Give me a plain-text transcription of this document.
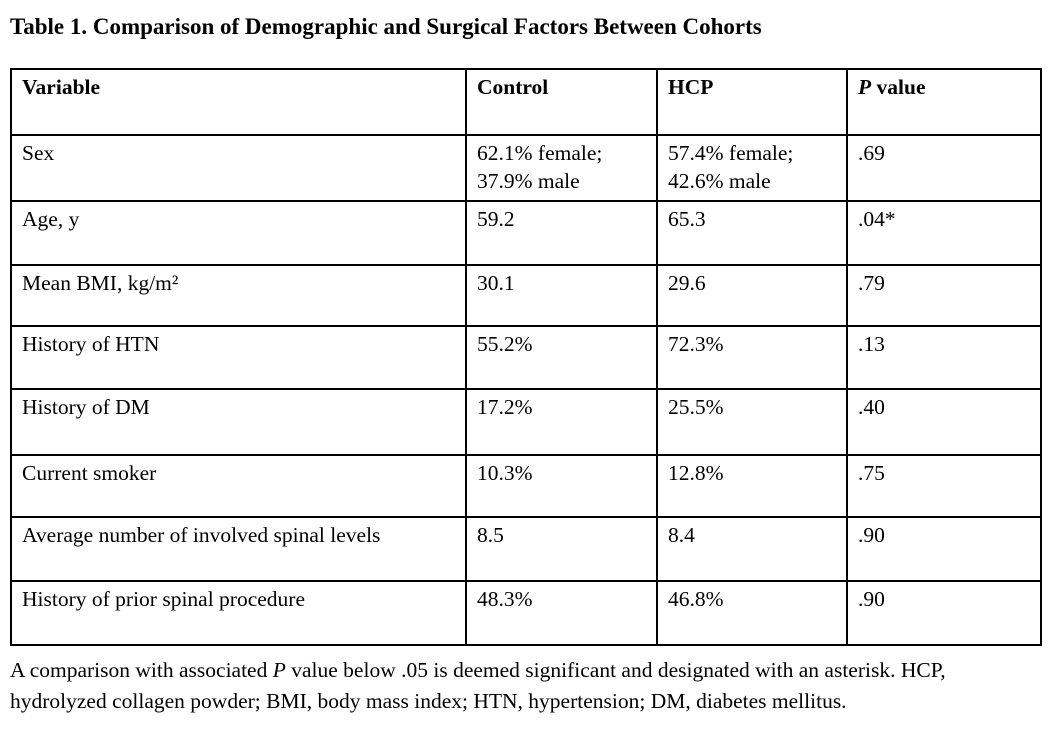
Table 1. Comparison of Demographic and Surgical Factors Between Cohorts
Variable	Control	HCP	P value
Sex	62.1% female; 37.9% male	57.4% female; 42.6% male	.69
Age, y	59.2	65.3	.04*
Mean BMI, kg/m²	30.1	29.6	.79
History of HTN	55.2%	72.3%	.13
History of DM	17.2%	25.5%	.40
Current smoker	10.3%	12.8%	.75
Average number of involved spinal levels	8.5	8.4	.90
History of prior spinal procedure	48.3%	46.8%	.90
A comparison with associated P value below .05 is deemed significant and designated with an asterisk. HCP, hydrolyzed collagen powder; BMI, body mass index; HTN, hypertension; DM, diabetes mellitus.
